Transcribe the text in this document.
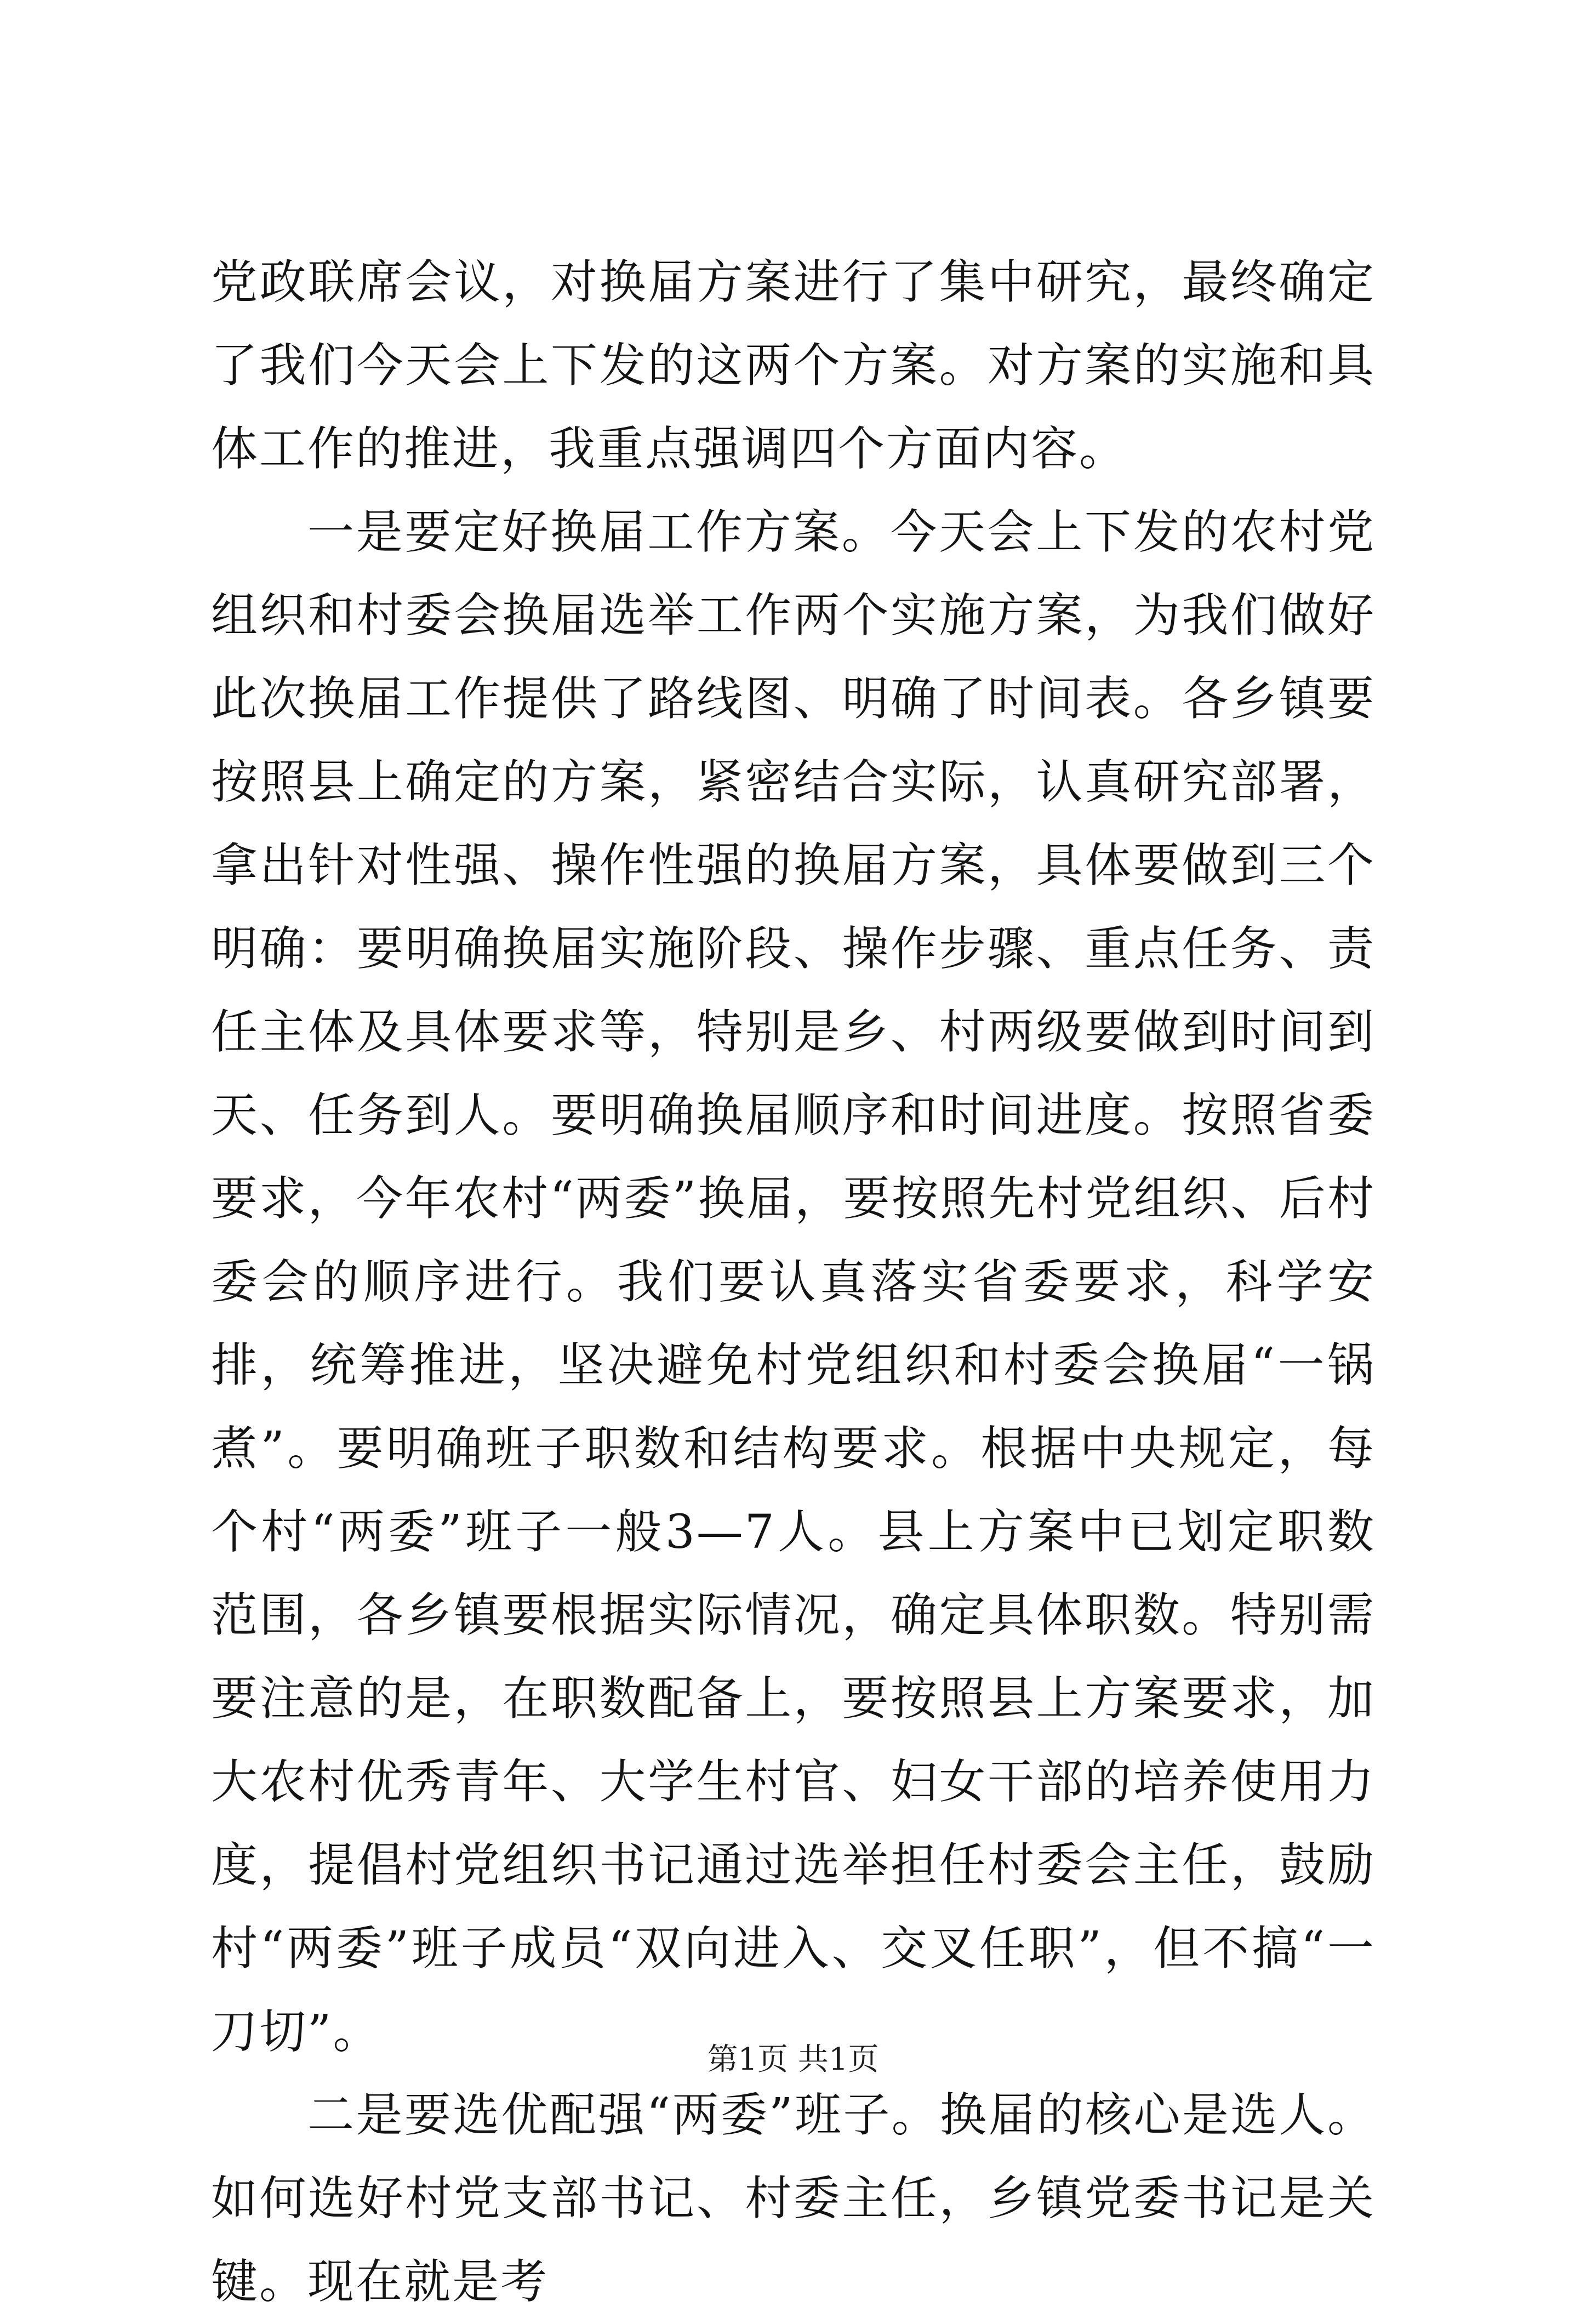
党政联席会议，对换届方案进行了集中研究，最终确定了我们今天会上下发的这两个方案。对方案的实施和具体工作的推进，我重点强调四个方面内容。

一是要定好换届工作方案。今天会上下发的农村党组织和村委会换届选举工作两个实施方案，为我们做好此次换届工作提供了路线图、明确了时间表。各乡镇要按照县上确定的方案，紧密结合实际，认真研究部署，拿出针对性强、操作性强的换届方案，具体要做到三个明确：要明确换届实施阶段、操作步骤、重点任务、责任主体及具体要求等，特别是乡、村两级要做到时间到天、任务到人。要明确换届顺序和时间进度。按照省委要求，今年农村“两委”换届，要按照先村党组织、后村委会的顺序进行。我们要认真落实省委要求，科学安排，统筹推进，坚决避免村党组织和村委会换届“一锅煮”。要明确班子职数和结构要求。根据中央规定，每个村“两委”班子一般3—7人。县上方案中已划定职数范围，各乡镇要根据实际情况，确定具体职数。特别需要注意的是，在职数配备上，要按照县上方案要求，加大农村优秀青年、大学生村官、妇女干部的培养使用力度，提倡村党组织书记通过选举担任村委会主任，鼓励村“两委”班子成员“双向进入、交叉任职”，但不搞“一刀切”。

二是要选优配强“两委”班子。换届的核心是选人。如何选好村党支部书记、村委主任，乡镇党委书记是关键。现在就是考

第1页 共1页
